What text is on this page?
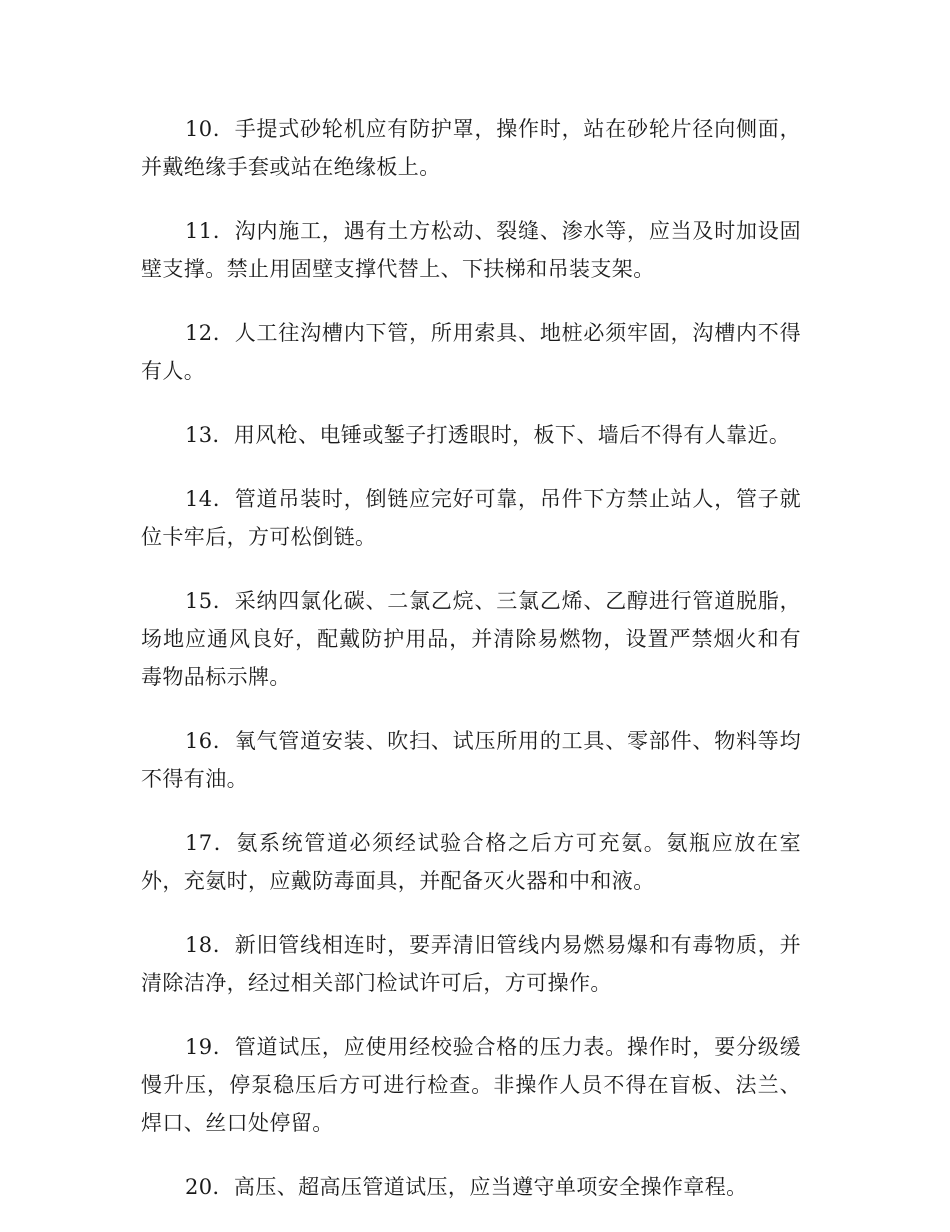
10．手提式砂轮机应有防护罩，操作时，站在砂轮片径向侧面，并戴绝缘手套或站在绝缘板上。

11．沟内施工，遇有土方松动、裂缝、渗水等，应当及时加设固壁支撑。禁止用固壁支撑代替上、下扶梯和吊装支架。

12．人工往沟槽内下管，所用索具、地桩必须牢固，沟槽内不得有人。

13．用风枪、电锤或錾子打透眼时，板下、墙后不得有人靠近。

14．管道吊装时，倒链应完好可靠，吊件下方禁止站人，管子就位卡牢后，方可松倒链。

15．采纳四氯化碳、二氯乙烷、三氯乙烯、乙醇进行管道脱脂，场地应通风良好，配戴防护用品，并清除易燃物，设置严禁烟火和有毒物品标示牌。

16．氧气管道安装、吹扫、试压所用的工具、零部件、物料等均不得有油。

17．氨系统管道必须经试验合格之后方可充氨。氨瓶应放在室外，充氨时，应戴防毒面具，并配备灭火器和中和液。

18．新旧管线相连时，要弄清旧管线内易燃易爆和有毒物质，并清除洁净，经过相关部门检试许可后，方可操作。

19．管道试压，应使用经校验合格的压力表。操作时，要分级缓慢升压，停泵稳压后方可进行检查。非操作人员不得在盲板、法兰、焊口、丝口处停留。

20．高压、超高压管道试压，应当遵守单项安全操作章程。
